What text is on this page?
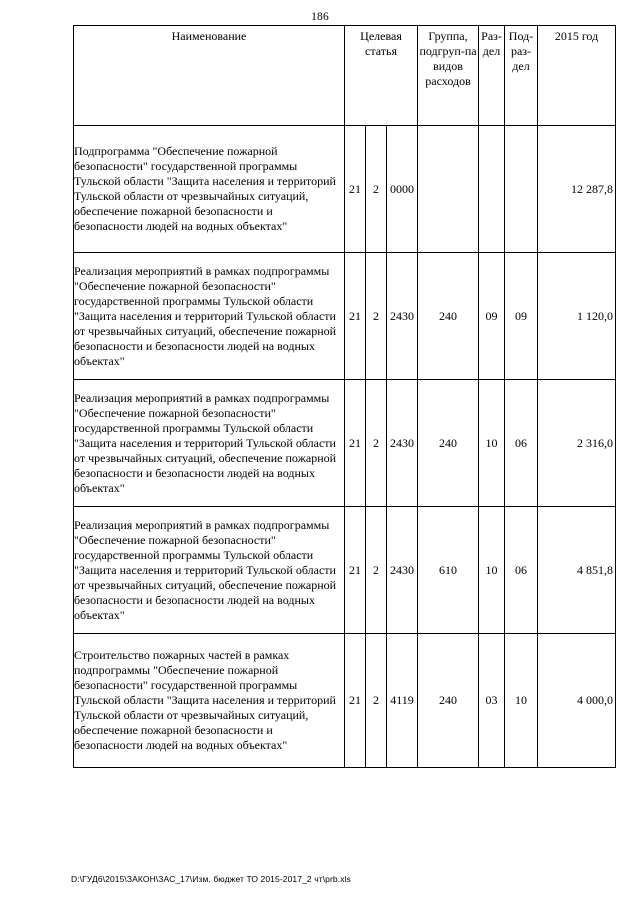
186
Наименование	Целевая статья			Группа, подгруп-па видов расходов	Раз-дел	Под-раз-дел	2015 год
Подпрограмма "Обеспечение пожарной безопасности" государственной программы Тульской области "Защита населения и территорий Тульской области от чрезвычайных ситуаций, обеспечение пожарной безопасности и безопасности людей на водных объектах"	21	2	0000				12 287,8
Реализация мероприятий в рамках подпрограммы "Обеспечение пожарной безопасности" государственной программы Тульской области "Защита населения и территорий Тульской области от чрезвычайных ситуаций, обеспечение пожарной безопасности и безопасности людей на водных объектах"	21	2	2430	240	09	09	1 120,0
Реализация мероприятий в рамках подпрограммы "Обеспечение пожарной безопасности" государственной программы Тульской области "Защита населения и территорий Тульской области от чрезвычайных ситуаций, обеспечение пожарной безопасности и безопасности людей на водных объектах"	21	2	2430	240	10	06	2 316,0
Реализация мероприятий в рамках подпрограммы "Обеспечение пожарной безопасности" государственной программы Тульской области "Защита населения и территорий Тульской области от чрезвычайных ситуаций, обеспечение пожарной безопасности и безопасности людей на водных объектах"	21	2	2430	610	10	06	4 851,8
Строительство пожарных частей в рамках подпрограммы "Обеспечение пожарной безопасности" государственной программы Тульской области "Защита населения и территорий Тульской области от чрезвычайных ситуаций, обеспечение пожарной безопасности и безопасности людей на водных объектах"	21	2	4119	240	03	10	4 000,0
D:\ГУД6\2015\ЗАКОН\ЗАС_17\Изм. бюджет ТО 2015-2017_2 чт\prb.xls
